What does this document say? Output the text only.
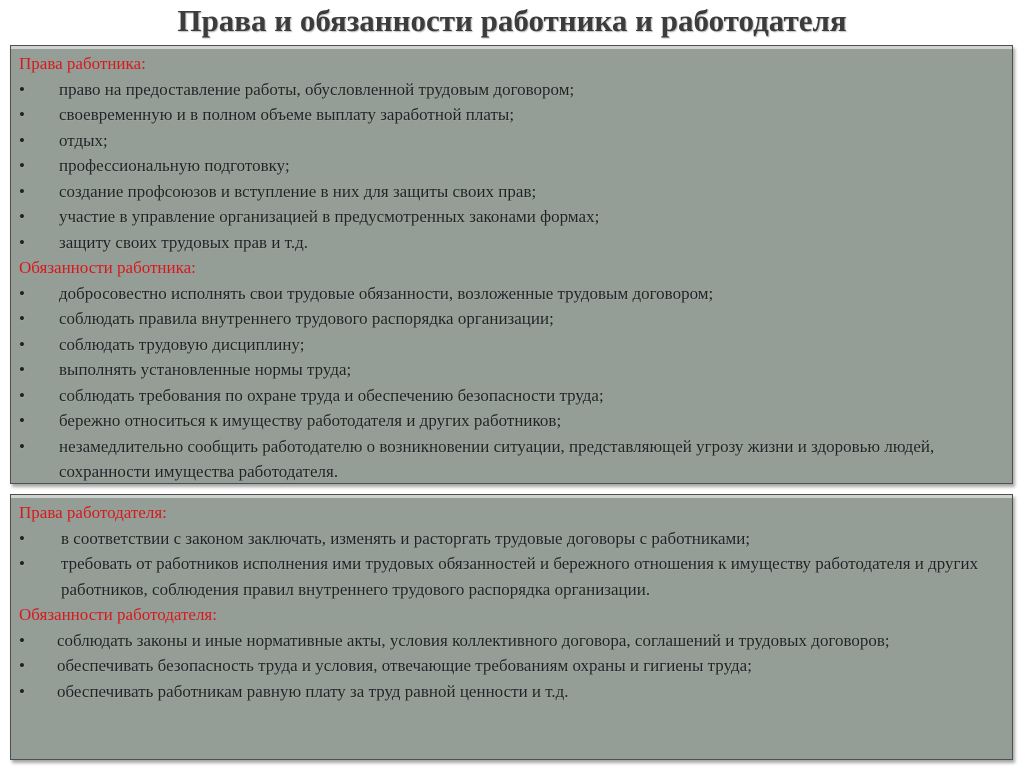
Права и обязанности работника и работодателя
Права работника:
•	право на предоставление работы, обусловленной трудовым договором;
•	своевременную и в полном объеме выплату заработной платы;
•	отдых;
•	профессиональную подготовку;
•	создание профсоюзов и вступление в них для защиты своих прав;
•	участие в управление организацией в предусмотренных законами формах;
•	защиту своих трудовых прав и т.д.
Обязанности работника:
•	добросовестно исполнять свои трудовые обязанности, возложенные трудовым договором;
•	соблюдать правила внутреннего трудового распорядка организации;
•	соблюдать трудовую дисциплину;
•	выполнять установленные нормы труда;
•	соблюдать требования по охране труда и обеспечению безопасности труда;
•	бережно относиться к имуществу работодателя и других работников;
•	незамедлительно сообщить работодателю о возникновении ситуации, представляющей угрозу жизни и здоровью людей, сохранности имущества работодателя.
Права работодателя:
•	в соответствии с законом заключать, изменять и расторгать трудовые договоры с работниками;
•	требовать от работников исполнения ими трудовых обязанностей и бережного отношения к имуществу работодателя и других работников, соблюдения правил внутреннего трудового распорядка организации.
Обязанности работодателя:
•	соблюдать законы и иные нормативные акты, условия коллективного договора, соглашений и трудовых договоров;
•	обеспечивать безопасность труда и условия, отвечающие требованиям охраны и гигиены труда;
•	обеспечивать работникам равную плату за труд равной ценности и т.д.
